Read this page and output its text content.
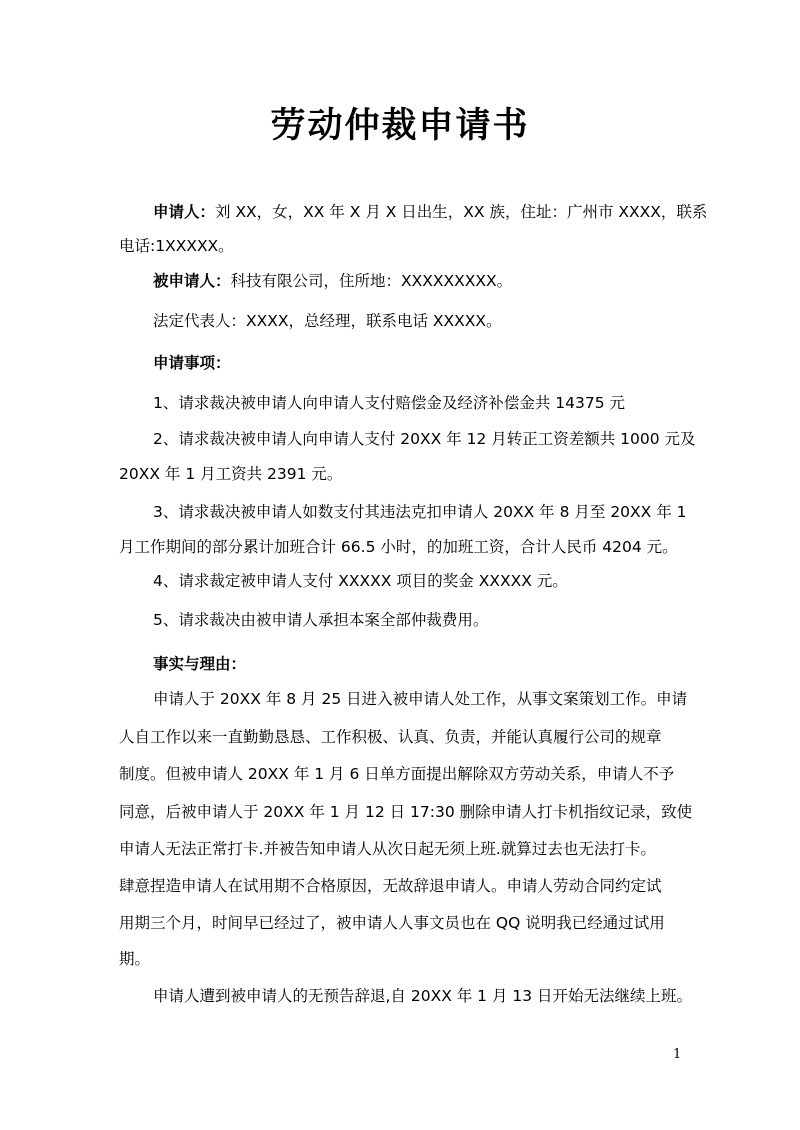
劳动仲裁申请书
申请人：刘 XX，女，XX 年 X 月 X 日出生，XX 族，住址：广州市 XXXX，联系
电话:1XXXXX。
被申请人：科技有限公司，住所地：XXXXXXXXX。
法定代表人：XXXX，总经理，联系电话 XXXXX。
申请事项：
1、请求裁决被申请人向申请人支付赔偿金及经济补偿金共 14375 元
2、请求裁决被申请人向申请人支付 20XX 年 12 月转正工资差额共 1000 元及
20XX 年 1 月工资共 2391 元。
3、请求裁决被申请人如数支付其违法克扣申请人 20XX 年 8 月至 20XX 年 1
月工作期间的部分累计加班合计 66.5 小时，的加班工资，合计人民币 4204 元。
4、请求裁定被申请人支付 XXXXX 项目的奖金 XXXXX 元。
5、请求裁决由被申请人承担本案全部仲裁费用。
事实与理由：
申请人于 20XX 年 8 月 25 日进入被申请人处工作，从事文案策划工作。申请
人自工作以来一直勤勤恳恳、工作积极、认真、负责，并能认真履行公司的规章
制度。但被申请人 20XX 年 1 月 6 日单方面提出解除双方劳动关系，申请人不予
同意，后被申请人于 20XX 年 1 月 12 日 17:30 删除申请人打卡机指纹记录，致使
申请人无法正常打卡.并被告知申请人从次日起无须上班.就算过去也无法打卡。
肆意捏造申请人在试用期不合格原因，无故辞退申请人。申请人劳动合同约定试
用期三个月，时间早已经过了，被申请人人事文员也在 QQ 说明我已经通过试用
期。
申请人遭到被申请人的无预告辞退,自 20XX 年 1 月 13 日开始无法继续上班。
1
